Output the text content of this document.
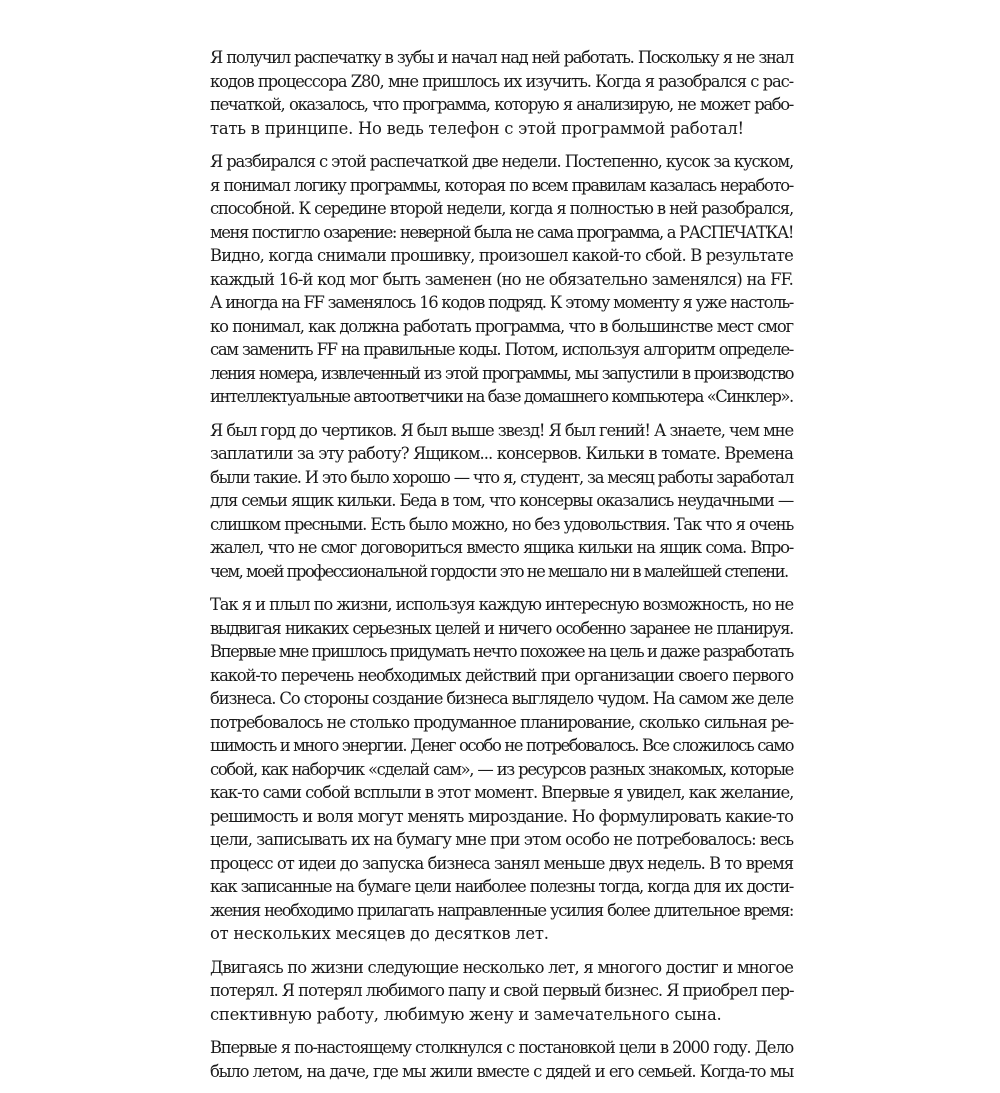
Я получил распечатку в зубы и начал над ней работать. Поскольку я не знал
кодов процессора Z80, мне пришлось их изучить. Когда я разобрался с рас-
печаткой, оказалось, что программа, которую я анализирую, не может рабо-
тать в принципе. Но ведь телефон с этой программой работал!
Я разбирался с этой распечаткой две недели. Постепенно, кусок за куском,
я понимал логику программы, которая по всем правилам казалась неработо-
способной. К середине второй недели, когда я полностью в ней разобрался,
меня постигло озарение: неверной была не сама программа, а РАСПЕЧАТКА!
Видно, когда снимали прошивку, произошел какой-то сбой. В результате
каждый 16-й код мог быть заменен (но не обязательно заменялся) на FF.
А иногда на FF заменялось 16 кодов подряд. К этому моменту я уже настоль-
ко понимал, как должна работать программа, что в большинстве мест смог
сам заменить FF на правильные коды. Потом, используя алгоритм определе-
ления номера, извлеченный из этой программы, мы запустили в производство
интеллектуальные автоответчики на базе домашнего компьютера «Синклер».
Я был горд до чертиков. Я был выше звезд! Я был гений! А знаете, чем мне
заплатили за эту работу? Ящиком... консервов. Кильки в томате. Времена
были такие. И это было хорошо — что я, студент, за месяц работы заработал
для семьи ящик кильки. Беда в том, что консервы оказались неудачными —
слишком пресными. Есть было можно, но без удовольствия. Так что я очень
жалел, что не смог договориться вместо ящика кильки на ящик сома. Впро-
чем, моей профессиональной гордости это не мешало ни в малейшей степени.
Так я и плыл по жизни, используя каждую интересную возможность, но не
выдвигая никаких серьезных целей и ничего особенно заранее не планируя.
Впервые мне пришлось придумать нечто похожее на цель и даже разработать
какой-то перечень необходимых действий при организации своего первого
бизнеса. Со стороны создание бизнеса выглядело чудом. На самом же деле
потребовалось не столько продуманное планирование, сколько сильная ре-
шимость и много энергии. Денег особо не потребовалось. Все сложилось само
собой, как наборчик «сделай сам», — из ресурсов разных знакомых, которые
как-то сами собой всплыли в этот момент. Впервые я увидел, как желание,
решимость и воля могут менять мироздание. Но формулировать какие-то
цели, записывать их на бумагу мне при этом особо не потребовалось: весь
процесс от идеи до запуска бизнеса занял меньше двух недель. В то время
как записанные на бумаге цели наиболее полезны тогда, когда для их дости-
жения необходимо прилагать направленные усилия более длительное время:
от нескольких месяцев до десятков лет.
Двигаясь по жизни следующие несколько лет, я многого достиг и многое
потерял. Я потерял любимого папу и свой первый бизнес. Я приобрел пер-
спективную работу, любимую жену и замечательного сына.
Впервые я по-настоящему столкнулся с постановкой цели в 2000 году. Дело
было летом, на даче, где мы жили вместе с дядей и его семьей. Когда-то мы
